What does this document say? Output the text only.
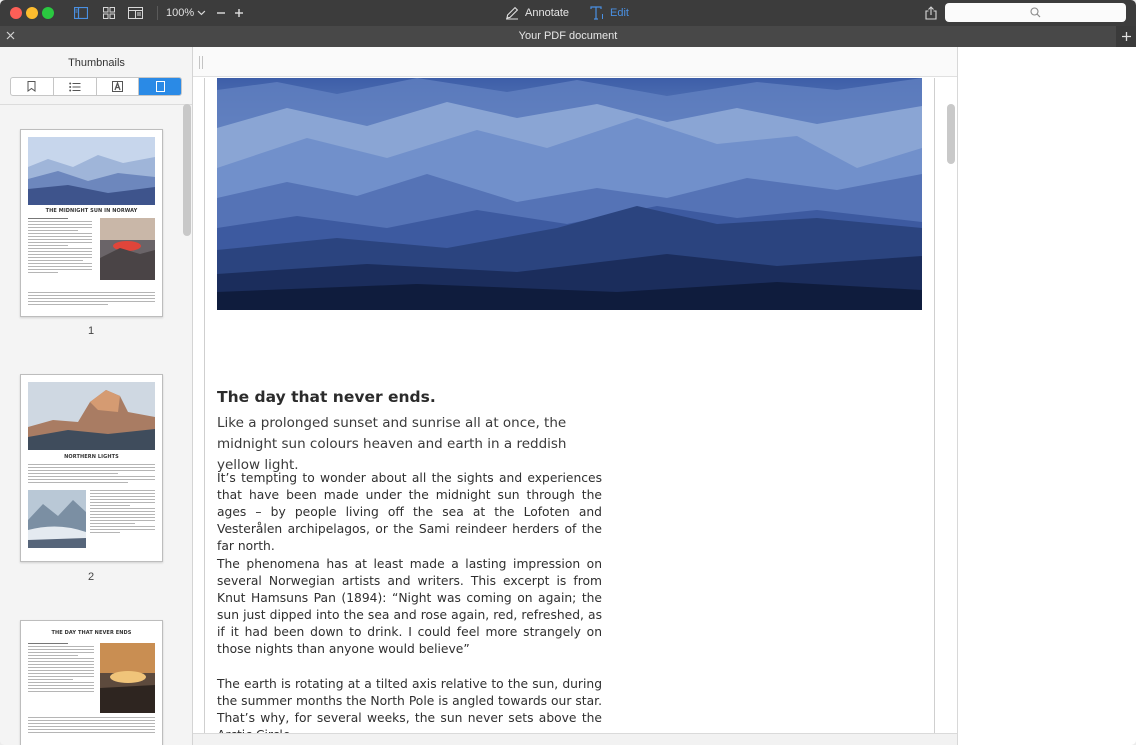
100%	Annotate	Edit
Your PDF document
Thumbnails
THE MIDNIGHT SUN IN NORWAY
1
NORTHERN LIGHTS
2
THE DAY THAT NEVER ENDS
The day that never ends.
Like a prolonged sunset and sunrise all at once, the midnight sun colours heaven and earth in a reddish yellow light.
It’s tempting to wonder about all the sights and experiences that have been made under the midnight sun through the ages – by people living off the sea at the Lofoten and Vesterålen archipelagos, or the Sami reindeer herders of the far north.
The phenomena has at least made a lasting impression on several Norwegian artists and writers. This excerpt is from Knut Hamsuns Pan (1894): “Night was coming on again; the sun just dipped into the sea and rose again, red, refreshed, as if it had been down to drink. I could feel more strangely on those nights than anyone would believe”
The earth is rotating at a tilted axis relative to the sun, during the summer months the North Pole is angled towards our star. That’s why, for several weeks, the sun never sets above the
